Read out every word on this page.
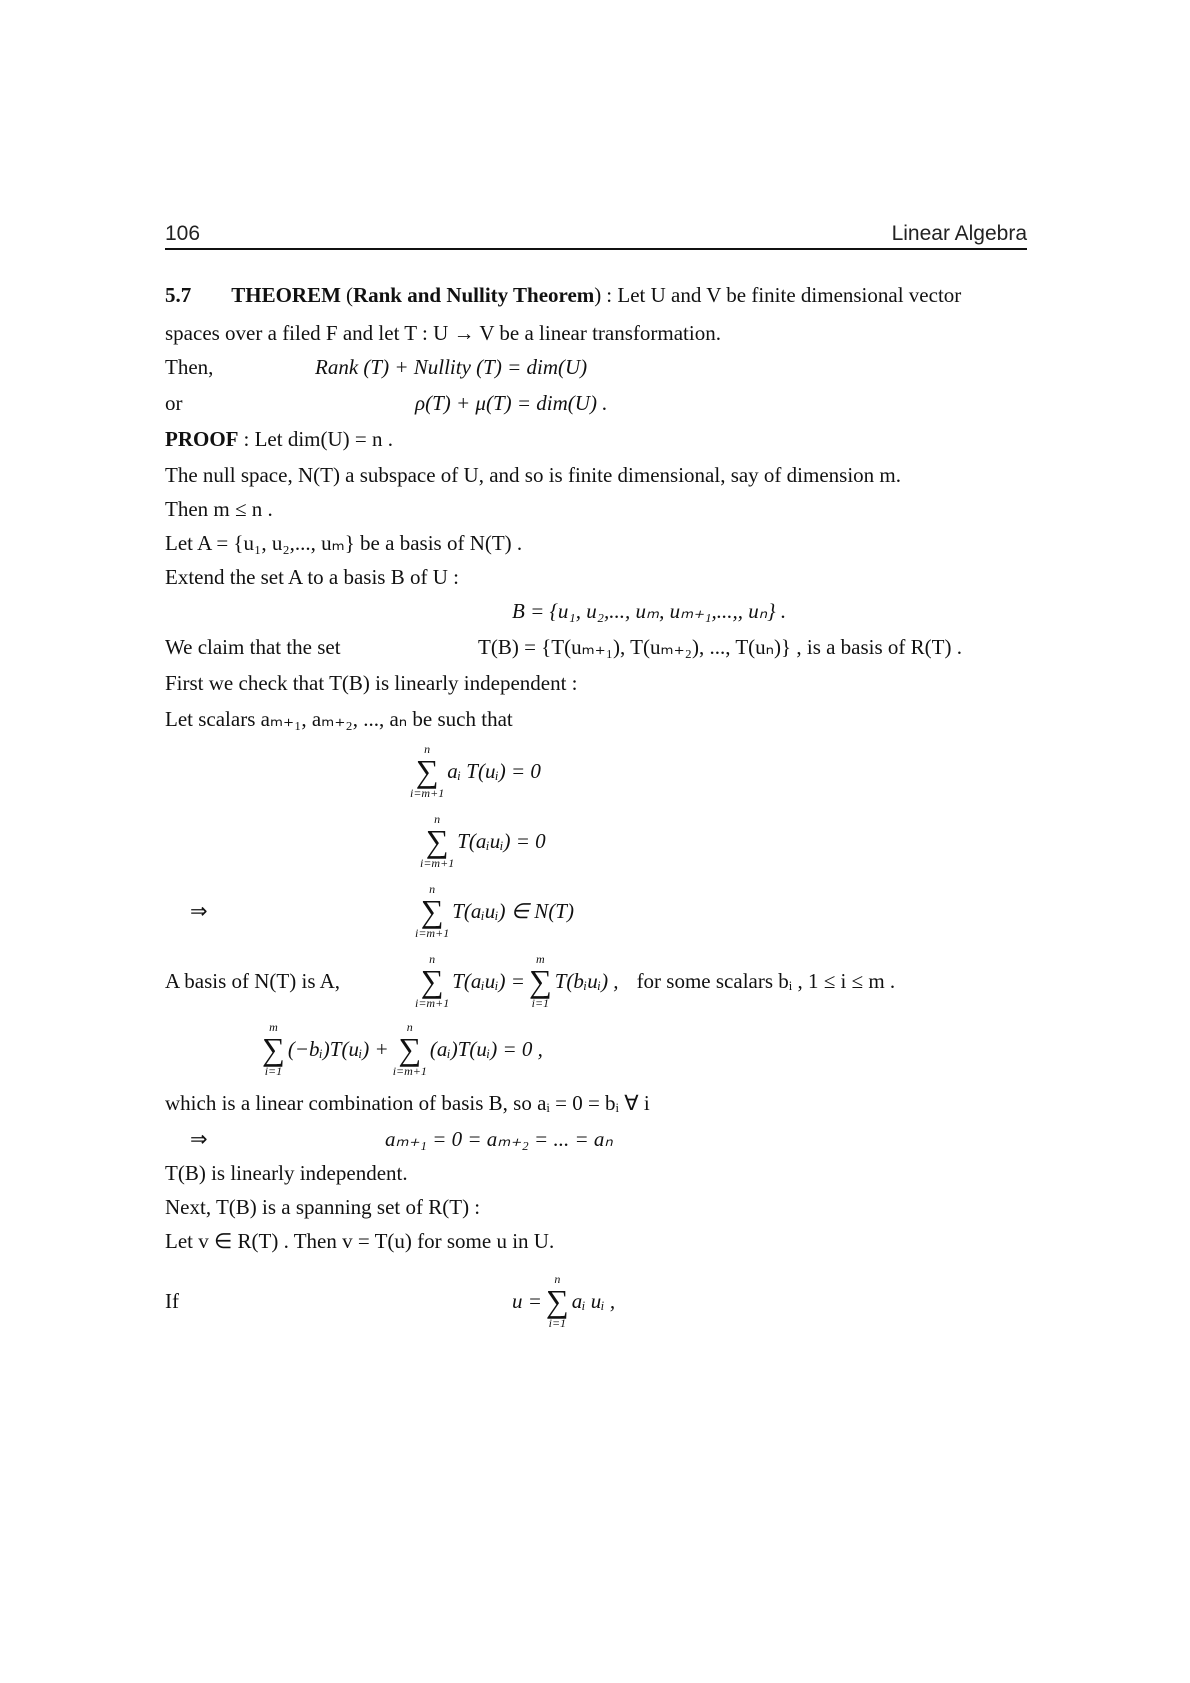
106	Linear Algebra
5.7 THEOREM ( Rank and Nullity Theorem ) : Let U and V be finite dimensional vector
spaces over a filed F and let T : U → V be a linear transformation.
Then,	Rank (T) + Nullity (T) = dim(U)
or	ρ(T) + μ(T) = dim(U) .
PROOF : Let dim(U) = n .
The null space, N(T) a subspace of U, and so is finite dimensional, say of dimension m.
Then m ≤ n .
Let A = {u₁, u₂,..., uₘ} be a basis of N(T) .
Extend the set A to a basis B of U :
B = {u₁, u₂,..., uₘ, uₘ₊₁,...,, uₙ} .
We claim that the set	T(B) = {T(uₘ₊₁), T(uₘ₊₂), ..., T(uₙ)} , is a basis of R(T) .
First we check that T(B) is linearly independent :
Let scalars aₘ₊₁, aₘ₊₂, ..., aₙ be such that
n
∑
i=m+1
aᵢ T(uᵢ) = 0
n
∑
i=m+1
T(aᵢuᵢ) = 0
⇒
n
∑
i=m+1
T(aᵢuᵢ) ∈ N(T)
A basis of N(T) is A,
n
∑
i=m+1
T(aᵢuᵢ) =
m
∑
i=1
T(bᵢuᵢ) , for some scalars bᵢ , 1 ≤ i ≤ m .
m
∑
i=1
(−bᵢ)T(uᵢ) +
n
∑
i=m+1
(aᵢ)T(uᵢ) = 0 ,
which is a linear combination of basis B, so aᵢ = 0 = bᵢ ∀ i
⇒	aₘ₊₁ = 0 = aₘ₊₂ = ... = aₙ
T(B) is linearly independent.
Next, T(B) is a spanning set of R(T) :
Let v ∈ R(T) . Then v = T(u) for some u in U.
If	u =
n
∑
i=1
aᵢ uᵢ ,
